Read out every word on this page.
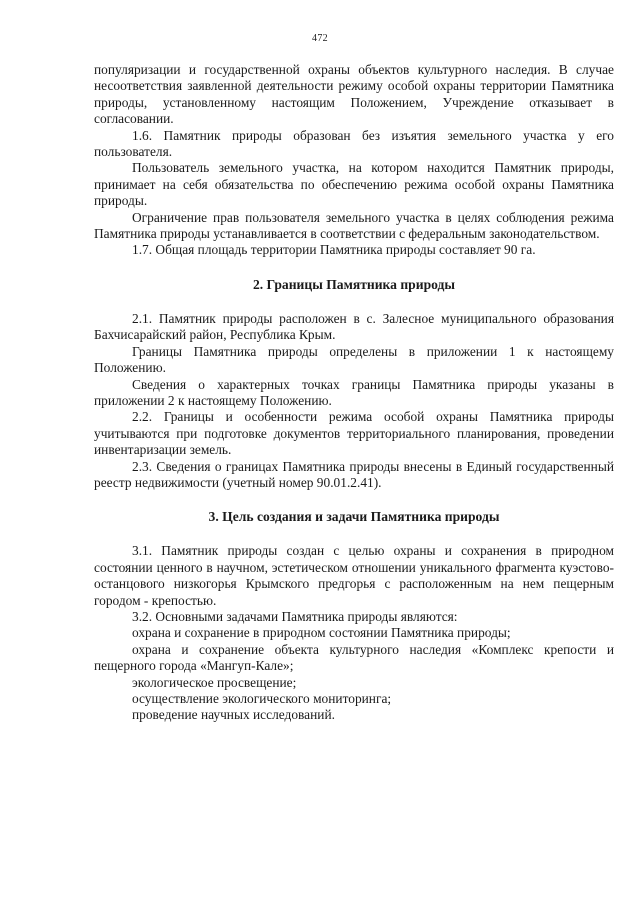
472

популяризации и государственной охраны объектов культурного наследия. В случае несоответствия заявленной деятельности режиму особой охраны территории Памятника природы, установленному настоящим Положением, Учреждение отказывает в согласовании.

1.6. Памятник природы образован без изъятия земельного участка у его пользователя.

Пользователь земельного участка, на котором находится Памятник природы, принимает на себя обязательства по обеспечению режима особой охраны Памятника природы.

Ограничение прав пользователя земельного участка в целях соблюдения режима Памятника природы устанавливается в соответствии с федеральным законодательством.

1.7. Общая площадь территории Памятника природы составляет 90 га.

2. Границы Памятника природы

2.1. Памятник природы расположен в с. Залесное муниципального образования Бахчисарайский район, Республика Крым.

Границы Памятника природы определены в приложении 1 к настоящему Положению.

Сведения о характерных точках границы Памятника природы указаны в приложении 2 к настоящему Положению.

2.2. Границы и особенности режима особой охраны Памятника природы учитываются при подготовке документов территориального планирования, проведении инвентаризации земель.

2.3. Сведения о границах Памятника природы внесены в Единый государственный реестр недвижимости (учетный номер 90.01.2.41).

3. Цель создания и задачи Памятника природы

3.1. Памятник природы создан с целью охраны и сохранения в природном состоянии ценного в научном, эстетическом отношении уникального фрагмента куэстово-останцового низкогорья Крымского предгорья с расположенным на нем пещерным городом - крепостью.

3.2. Основными задачами Памятника природы являются:

охрана и сохранение в природном состоянии Памятника природы;

охрана и сохранение объекта культурного наследия «Комплекс крепости и пещерного города «Мангуп-Кале»;

экологическое просвещение;

осуществление экологического мониторинга;

проведение научных исследований.
